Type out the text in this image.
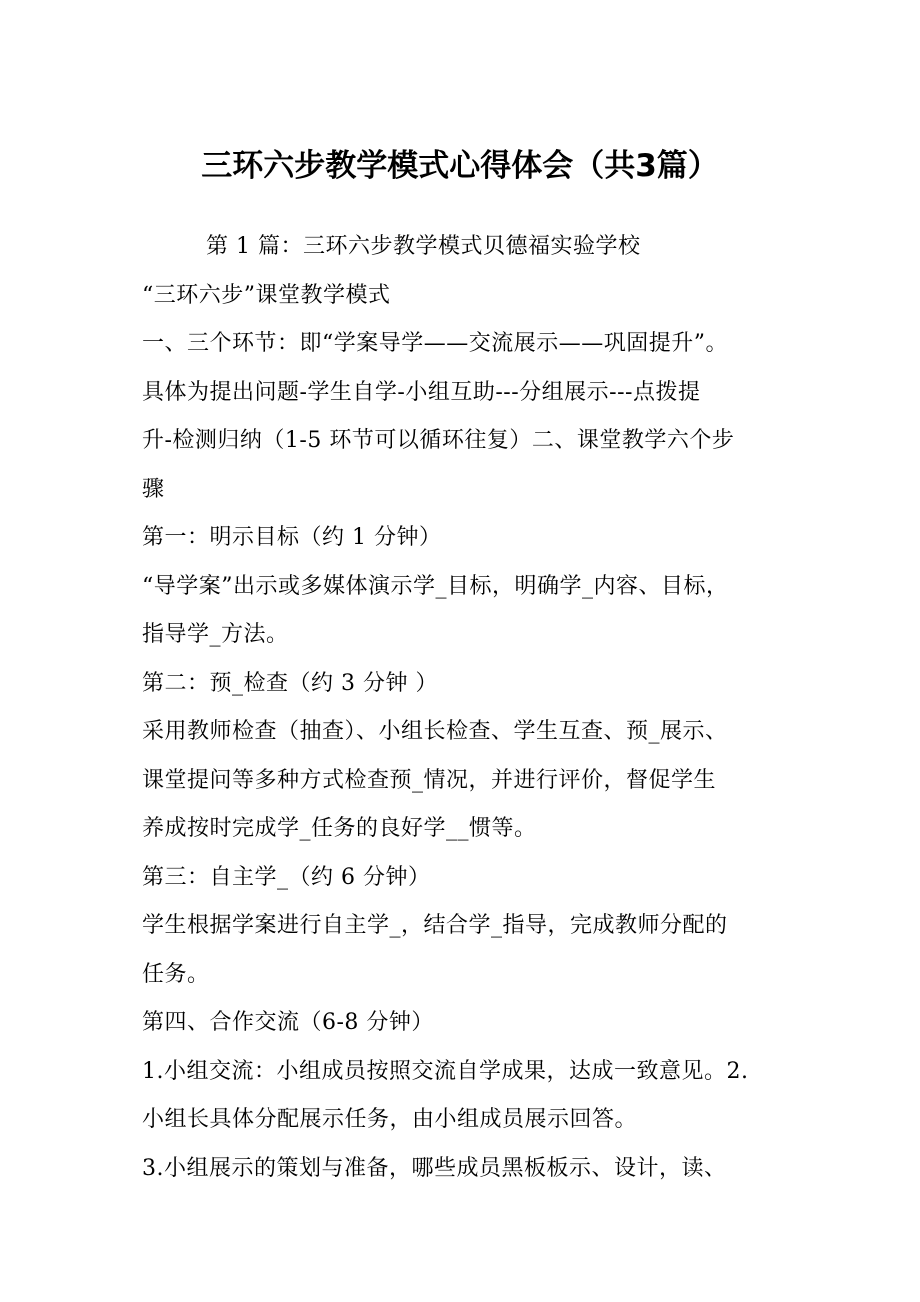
三环六步教学模式心得体会（共3篇）
第 1 篇：三环六步教学模式贝德福实验学校
“三环六步”课堂教学模式
一、三个环节：即“学案导学——交流展示——巩固提升”。
具体为提出问题-学生自学-小组互助---分组展示---点拨提
升-检测归纳（1-5 环节可以循环往复）二、课堂教学六个步
骤
第一：明示目标（约 1 分钟）
“导学案”出示或多媒体演示学_目标，明确学_内容、目标，
指导学_方法。
第二：预_检查（约 3 分钟 ）
采用教师检查（抽查）、小组长检查、学生互查、预_展示、
课堂提问等多种方式检查预_情况，并进行评价，督促学生
养成按时完成学_任务的良好学__惯等。
第三：自主学_（约 6 分钟）
学生根据学案进行自主学_，结合学_指导，完成教师分配的
任务。
第四、合作交流（6-8 分钟）
1.小组交流：小组成员按照交流自学成果，达成一致意见。2.
小组长具体分配展示任务，由小组成员展示回答。
3.小组展示的策划与准备，哪些成员黑板板示、设计，读、
